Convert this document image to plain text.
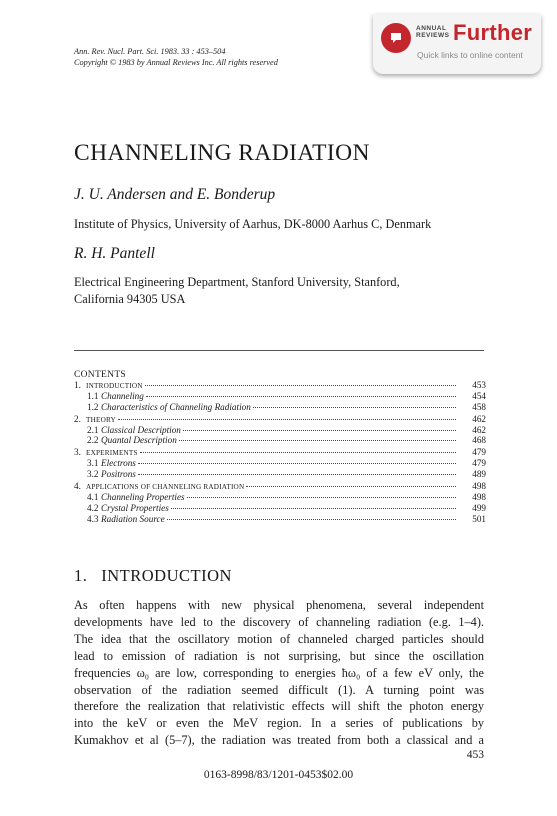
Ann. Rev. Nucl. Part. Sci. 1983. 33 : 453–504
Copyright © 1983 by Annual Reviews Inc. All rights reserved
ANNUAL
REVIEWS Further
Quick links to online content
CHANNELING RADIATION
J. U. Andersen and E. Bonderup
Institute of Physics, University of Aarhus, DK-8000 Aarhus C, Denmark
R. H. Pantell
Electrical Engineering Department, Stanford University, Stanford,
California 94305 USA
CONTENTS
1. INTRODUCTION	453
1.1 Channeling	454
1.2 Characteristics of Channeling Radiation	458
2. THEORY	462
2.1 Classical Description	462
2.2 Quantal Description	468
3. EXPERIMENTS	479
3.1 Electrons	479
3.2 Positrons	489
4. APPLICATIONS OF CHANNELING RADIATION	498
4.1 Channeling Properties	498
4.2 Crystal Properties	499
4.3 Radiation Source	501
1.   INTRODUCTION

As often happens with new physical phenomena, several independent

developments have led to the discovery of channeling radiation (e.g. 1–4).

The idea that the oscillatory motion of channeled charged particles should

lead to emission of radiation is not surprising, but since the oscillation

frequencies ω₀ are low, corresponding to energies ħω₀ of a few eV only, the

observation of the radiation seemed difficult (1). A turning point was

therefore the realization that relativistic effects will shift the photon energy

into the keV or even the MeV region. In a series of publications by

Kumakhov et al (5–7), the radiation was treated from both a classical and a

453
0163-8998/83/1201-0453$02.00
